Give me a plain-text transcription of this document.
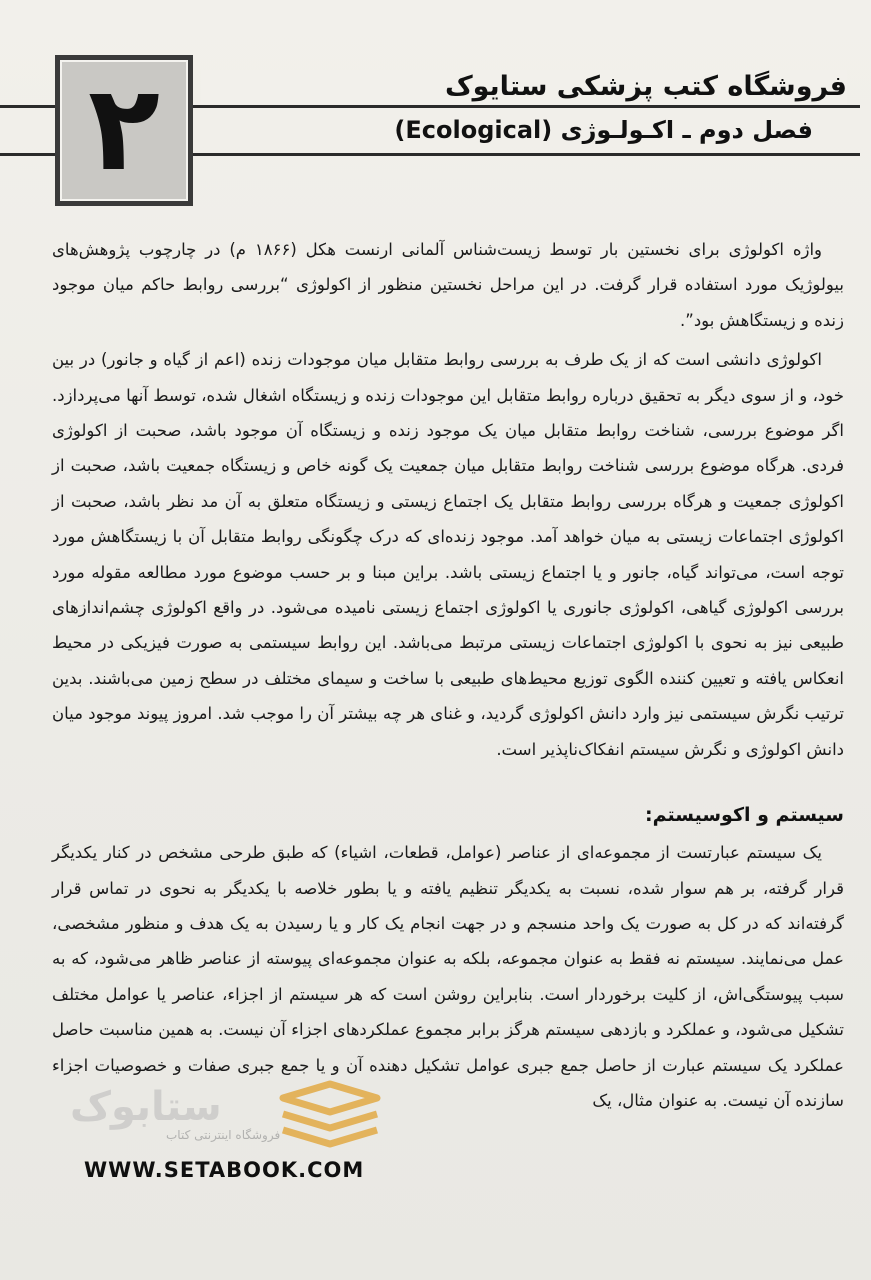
۲	فروشگاه کتب پزشکی ستایوک
فصل دوم ـ اکـولـوژی (Ecological)

واژه اکولوژی برای نخستین بار توسط زیست‌شناس آلمانی ارنست هکل (۱۸۶۶ م) در چارچوب پژوهش‌های بیولوژیک مورد استفاده قرار گرفت. در این مراحل نخستین منظور از اکولوژی “بررسی روابط حاکم میان موجود زنده و زیستگاهش بود”.

اکولوژی دانشی است که از یک طرف به بررسی روابط متقابل میان موجودات زنده (اعم از گیاه و جانور) در بین خود، و از سوی دیگر به تحقیق درباره روابط متقابل این موجودات زنده و زیستگاه اشغال شده، توسط آنها می‌پردازد. اگر موضوع بررسی، شناخت روابط متقابل میان یک موجود زنده و زیستگاه آن موجود باشد، صحبت از اکولوژی فردی. هرگاه موضوع بررسی شناخت روابط متقابل میان جمعیت یک گونه خاص و زیستگاه جمعیت باشد، صحبت از اکولوژی جمعیت و هرگاه بررسی روابط متقابل یک اجتماع زیستی و زیستگاه متعلق به آن مد نظر باشد، صحبت از اکولوژی اجتماعات زیستی به میان خواهد آمد. موجود زنده‌ای که درک چگونگی روابط متقابل آن با زیستگاهش مورد توجه است، می‌تواند گیاه، جانور و یا اجتماع زیستی باشد. براین مبنا و بر حسب موضوع مورد مطالعه مقوله مورد بررسی اکولوژی گیاهی، اکولوژی جانوری یا اکولوژی اجتماع زیستی نامیده می‌شود. در واقع اکولوژی چشم‌اندازهای طبیعی نیز به نحوی با اکولوژی اجتماعات زیستی مرتبط می‌باشد. این روابط سیستمی به صورت فیزیکی در محیط انعکاس یافته و تعیین کننده الگوی توزیع محیط‌های طبیعی با ساخت و سیمای مختلف در سطح زمین می‌باشند. بدین ترتیب نگرش سیستمی نیز وارد دانش اکولوژی گردید، و غنای هر چه بیشتر آن را موجب شد. امروز پیوند موجود میان دانش اکولوژی و نگرش سیستم انفکاک‌ناپذیر است.

سیستم و اکوسیستم:

یک سیستم عبارتست از مجموعه‌ای از عناصر (عوامل، قطعات، اشیاء) که طبق طرحی مشخص در کنار یکدیگر قرار گرفته، بر هم سوار شده، نسبت به یکدیگر تنظیم یافته و یا بطور خلاصه با یکدیگر به نحوی در تماس قرار گرفته‌اند که در کل به صورت یک واحد منسجم و در جهت انجام یک کار و یا رسیدن به یک هدف و منظور مشخصی، عمل می‌نمایند. سیستم نه فقط به عنوان مجموعه، بلکه به عنوان مجموعه‌ای پیوسته از عناصر ظاهر می‌شود، که به سبب پیوستگی‌اش، از کلیت برخوردار است. بنابراین روشن است که هر سیستم از اجزاء، عناصر یا عوامل مختلف تشکیل می‌شود، و عملکرد و بازدهی سیستم هرگز برابر مجموع عملکردهای اجزاء آن نیست. به همین مناسبت حاصل عملکرد یک سیستم عبارت از حاصل جمع جبری عوامل تشکیل دهنده آن و یا جمع جبری صفات و خصوصیات اجزاء سازنده آن نیست. به عنوان مثال، یک

ستابوک
فروشگاه اینترنتی کتاب
WWW.SETABOOK.COM
